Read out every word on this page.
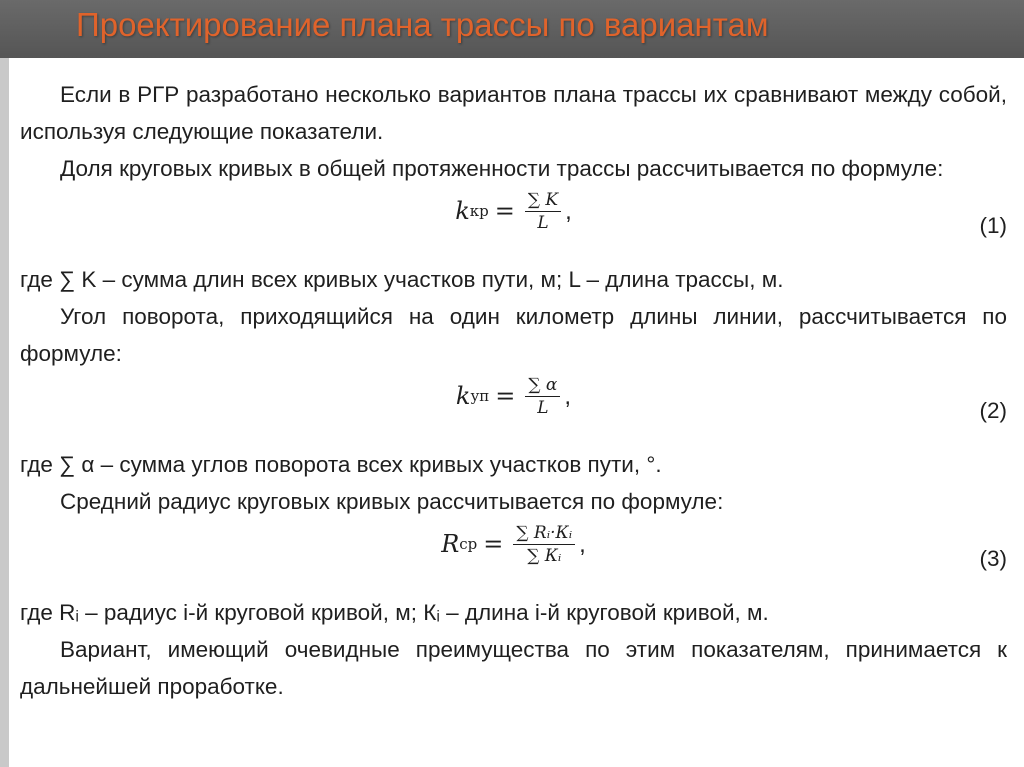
Проектирование плана трассы по вариантам

Если в РГР разработано несколько вариантов плана трассы их сравнивают между собой, используя следующие показатели.

Доля круговых кривых в общей протяженности трассы рассчитывается по формуле:

k кр = $\frac{\sum K}{L}$ ,
(1)

где ∑ K – сумма длин всех кривых участков пути, м; L – длина трассы, м.

Угол поворота, приходящийся на один километр длины линии, рассчитывается по формуле:

k уп = $\frac{\sum \alpha}{L}$ ,
(2)

где ∑ α – сумма углов поворота всех кривых участков пути, °.

Средний радиус круговых кривых рассчитывается по формуле:

R ср = $\frac{\text{∑ Rᵢ·Кᵢ}}{\text{∑ Кᵢ}}$ ,
(3)

где Rᵢ – радиус i-й круговой кривой, м; Кᵢ – длина i-й круговой кривой, м.

Вариант, имеющий очевидные преимущества по этим показателям, принимается к дальнейшей проработке.
